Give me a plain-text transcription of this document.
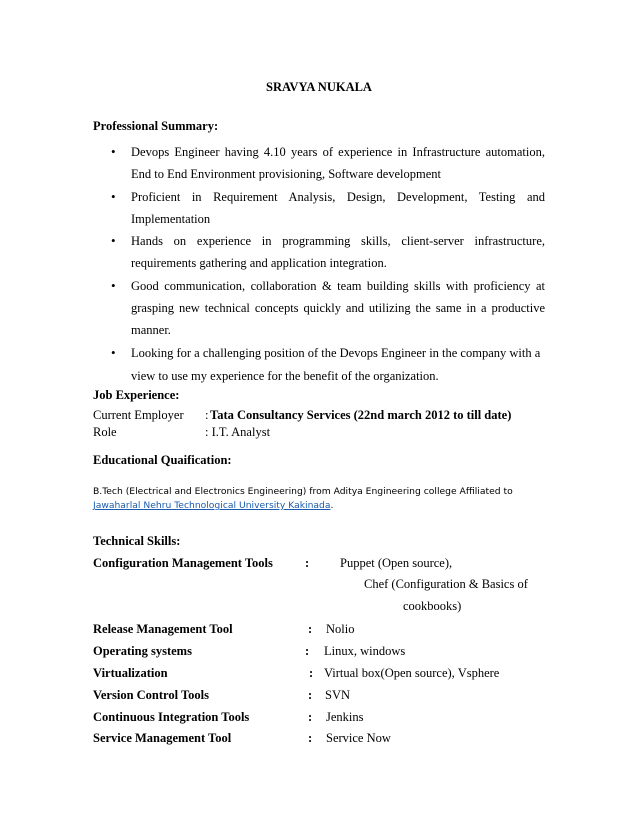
SRAVYA NUKALA
Professional Summary:
• Devops Engineer having 4.10 years of experience in Infrastructure automation, End to End Environment provisioning, Software development
• Proficient in Requirement Analysis, Design, Development, Testing and Implementation
• Hands on experience in programming skills, client-server infrastructure, requirements gathering and application integration.
• Good communication, collaboration & team building skills with proficiency at grasping new technical concepts quickly and utilizing the same in a productive manner.
• Looking for a challenging position of the Devops Engineer in the company with a
view to use my experience for the benefit of the organization.
Job Experience:
Current Employer : Tata Consultancy Services (22nd march 2012 to till date)
Role	: I.T. Analyst
Educational Quaification:
B.Tech (Electrical and Electronics Engineering) from Aditya Engineering college Affiliated to
Jawaharlal Nehru Technological University Kakinada.
Technical Skills:
Configuration Management Tools	: Puppet (Open source),
Chef (Configuration & Basics of
cookbooks)
Release Management Tool	: Nolio
Operating systems	: Linux, windows
Virtualization	: Virtual box(Open source), Vsphere
Version Control Tools	: SVN
Continuous Integration Tools	: Jenkins
Service Management Tool	: Service Now
